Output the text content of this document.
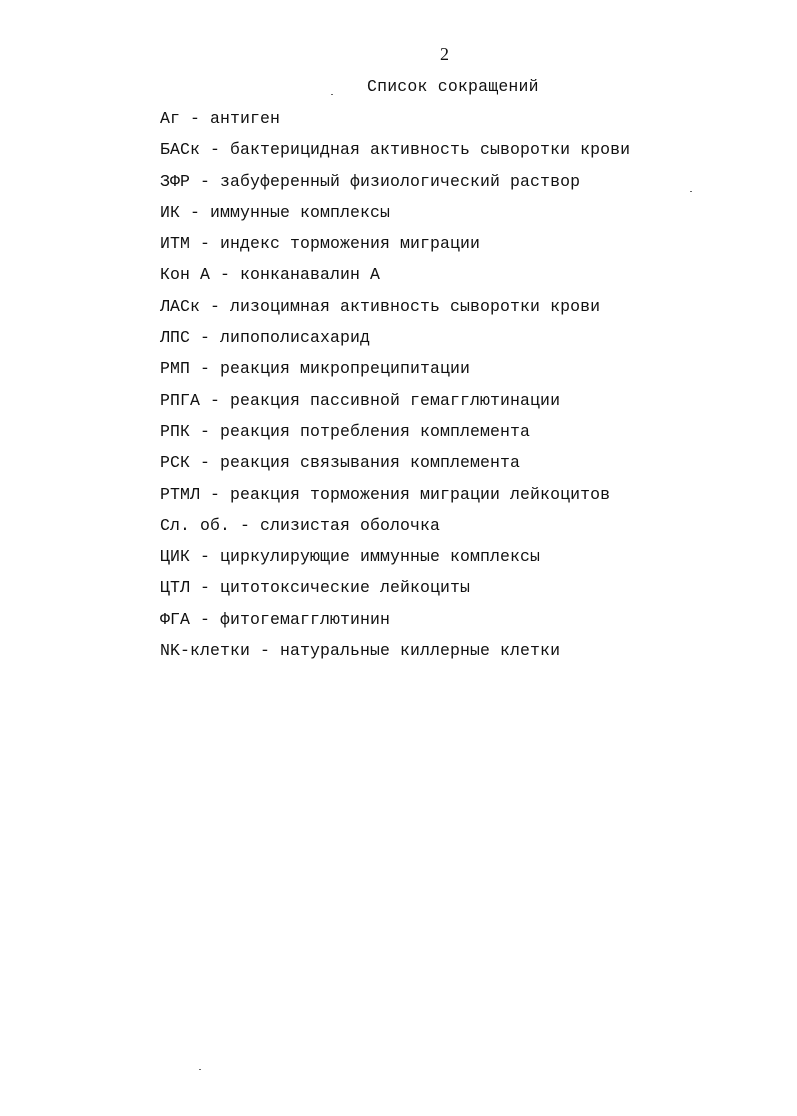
2
Список сокращений
Аг - антиген
БАСк - бактерицидная активность сыворотки крови
ЗФР - забуференный физиологический раствор
ИК - иммунные комплексы
ИТМ - индекс торможения миграции
Кон А - конканавалин А
ЛАСк - лизоцимная активность сыворотки крови
ЛПС - липополисахарид
РМП - реакция микропреципитации
РПГА - реакция пассивной гемагглютинации
РПК - реакция потребления комплемента
РСК - реакция связывания комплемента
РТМЛ - реакция торможения миграции лейкоцитов
Сл. об. - слизистая оболочка
ЦИК - циркулирующие иммунные комплексы
ЦТЛ - цитотоксические лейкоциты
ФГА - фитогемагглютинин
NK-клетки - натуральные киллерные клетки
